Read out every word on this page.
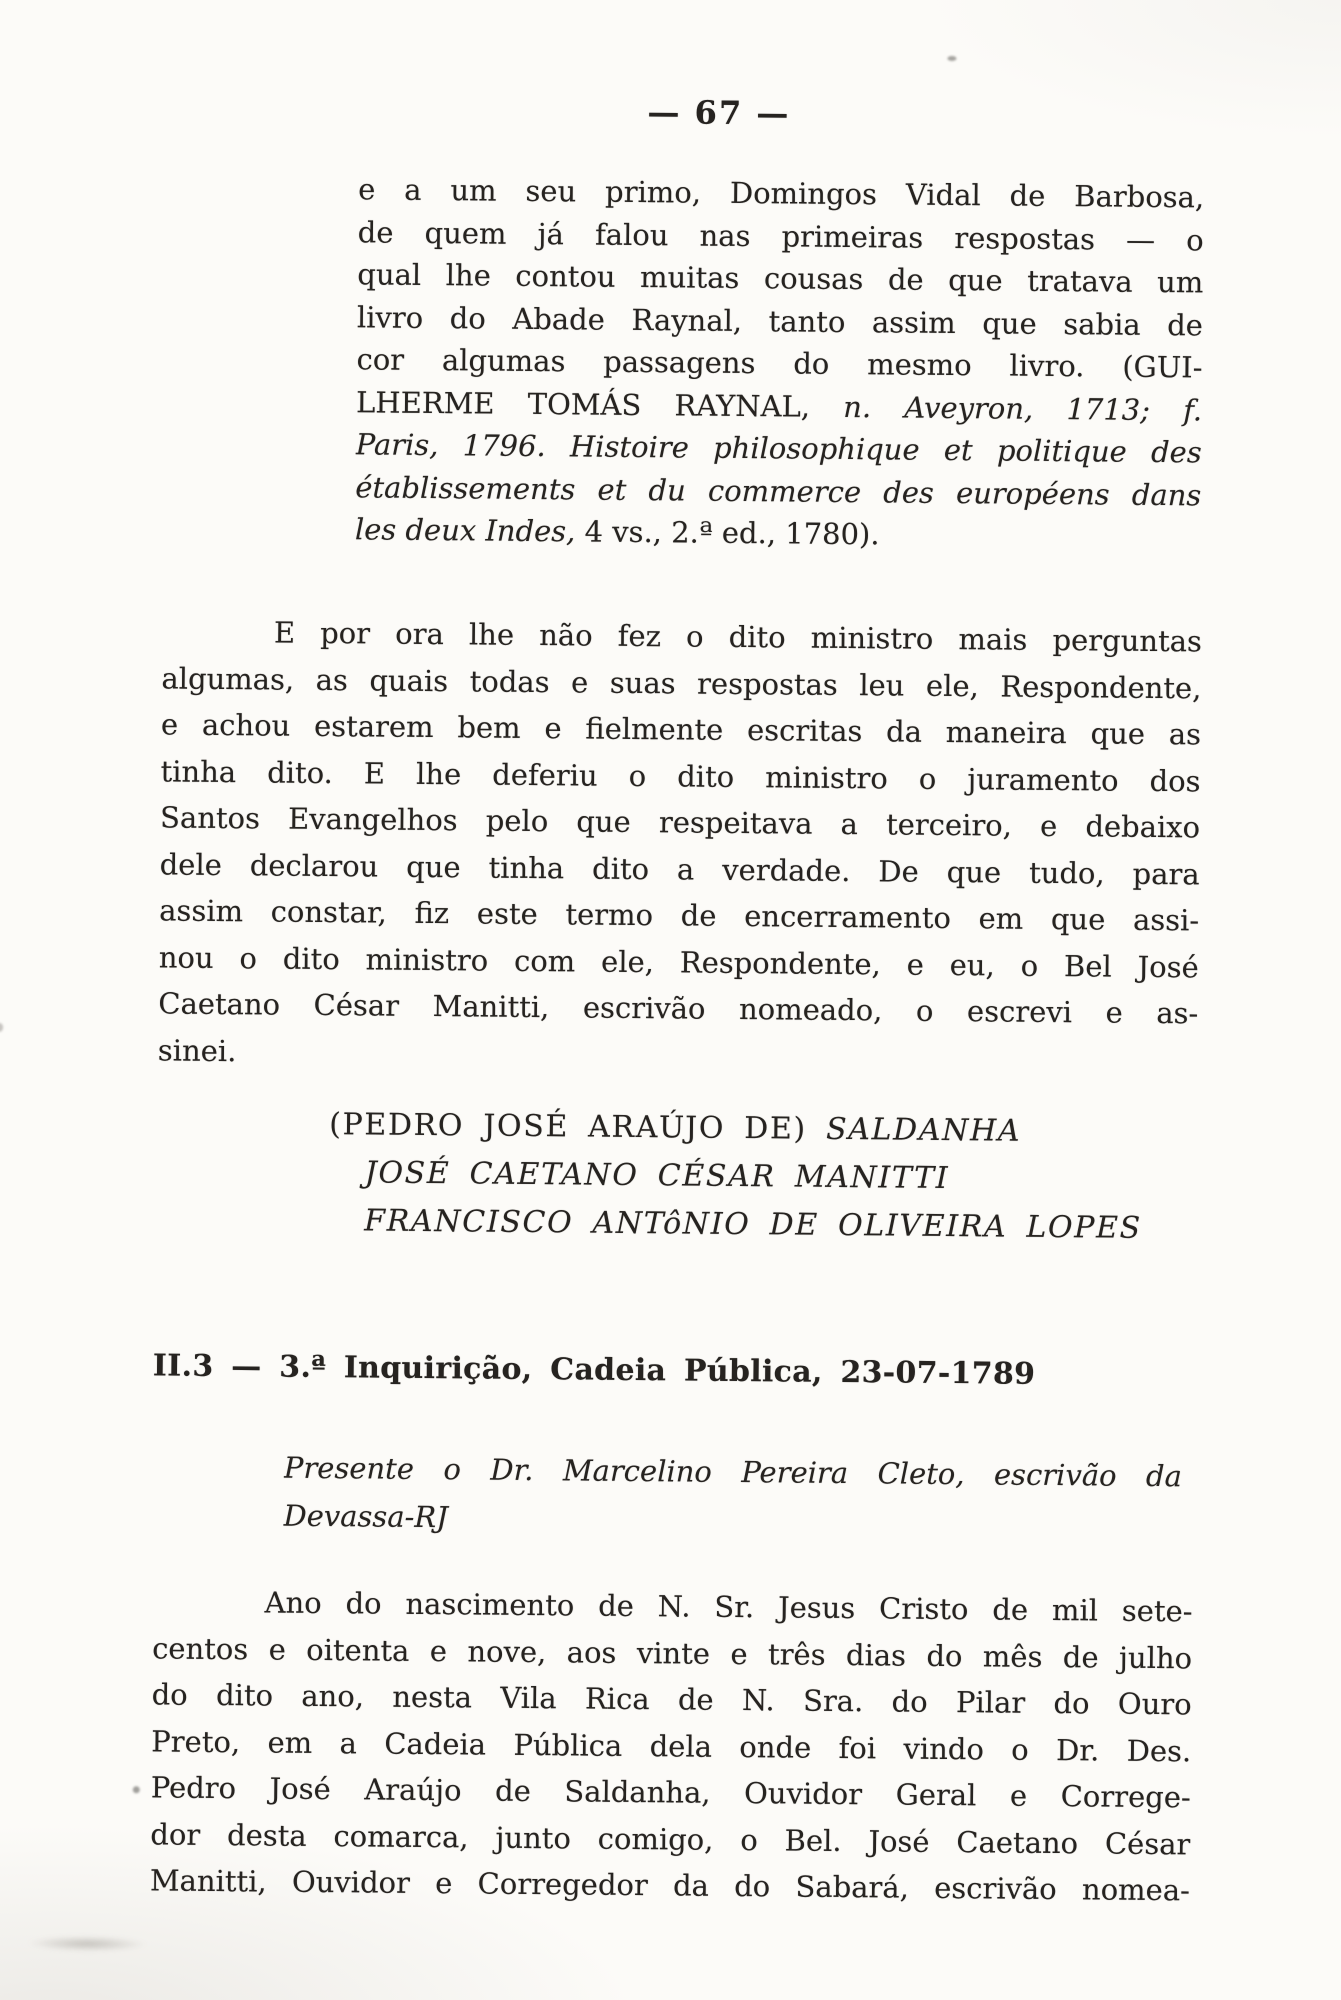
— 67 —
e a um seu primo, Domingos Vidal de Barbosa,
de quem já falou nas primeiras respostas — o
qual lhe contou muitas cousas de que tratava um
livro do Abade Raynal, tanto assim que sabia de
cor algumas passagens do mesmo livro. (GUI-
LHERME TOMÁS RAYNAL, n. Aveyron, 1713; f.
Paris, 1796. Histoire philosophique et politique des
établissements et du commerce des européens dans
les deux Indes, 4 vs., 2.ª ed., 1780).
E por ora lhe não fez o dito ministro mais perguntas
algumas, as quais todas e suas respostas leu ele, Respondente,
e achou estarem bem e fielmente escritas da maneira que as
tinha dito. E lhe deferiu o dito ministro o juramento dos
Santos Evangelhos pelo que respeitava a terceiro, e debaixo
dele declarou que tinha dito a verdade. De que tudo, para
assim constar, fiz este termo de encerramento em que assi-
nou o dito ministro com ele, Respondente, e eu, o Bel José
Caetano César Manitti, escrivão nomeado, o escrevi e as-
sinei.
(PEDRO JOSÉ ARAÚJO DE) SALDANHA
JOSÉ CAETANO CÉSAR MANITTI
FRANCISCO ANTôNIO DE OLIVEIRA LOPES
II.3 — 3.ª Inquirição, Cadeia Pública, 23-07-1789
Presente o Dr. Marcelino Pereira Cleto, escrivão da
Devassa-RJ
Ano do nascimento de N. Sr. Jesus Cristo de mil sete-
centos e oitenta e nove, aos vinte e três dias do mês de julho
do dito ano, nesta Vila Rica de N. Sra. do Pilar do Ouro
Preto, em a Cadeia Pública dela onde foi vindo o Dr. Des.
Pedro José Araújo de Saldanha, Ouvidor Geral e Correge-
dor desta comarca, junto comigo, o Bel. José Caetano César
Manitti, Ouvidor e Corregedor da do Sabará, escrivão nomea-
